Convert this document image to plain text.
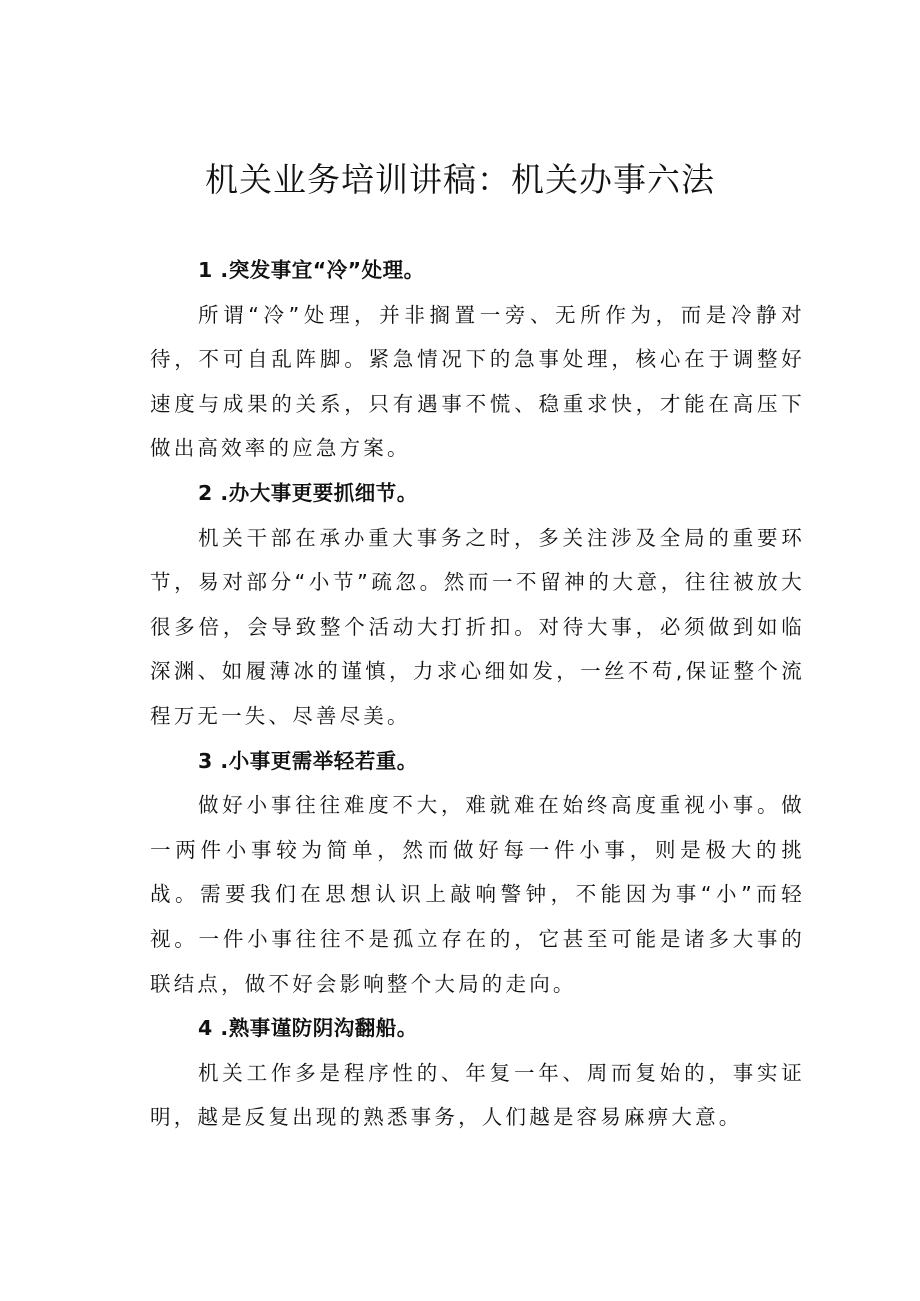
机关业务培训讲稿：机关办事六法

1 .突发事宜“冷”处理。

所谓“冷”处理，并非搁置一旁、无所作为，而是冷静对待，不可自乱阵脚。紧急情况下的急事处理，核心在于调整好速度与成果的关系，只有遇事不慌、稳重求快，才能在高压下做出高效率的应急方案。

2 .办大事更要抓细节。

机关干部在承办重大事务之时，多关注涉及全局的重要环节，易对部分“小节”疏忽。然而一不留神的大意，往往被放大很多倍，会导致整个活动大打折扣。对待大事，必须做到如临深渊、如履薄冰的谨慎，力求心细如发，一丝不苟,保证整个流程万无一失、尽善尽美。

3 .小事更需举轻若重。

做好小事往往难度不大，难就难在始终高度重视小事。做一两件小事较为简单，然而做好每一件小事，则是极大的挑战。需要我们在思想认识上敲响警钟，不能因为事“小”而轻视。一件小事往往不是孤立存在的，它甚至可能是诸多大事的联结点，做不好会影响整个大局的走向。

4 .熟事谨防阴沟翻船。

机关工作多是程序性的、年复一年、周而复始的，事实证明，越是反复出现的熟悉事务，人们越是容易麻痹大意。
